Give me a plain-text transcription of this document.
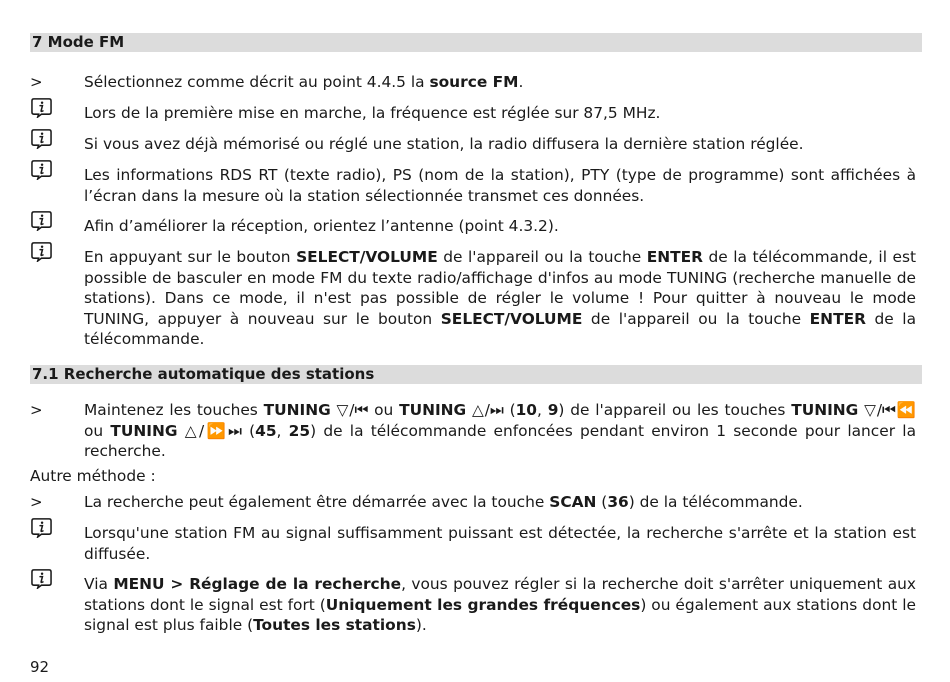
7 Mode FM
>	Sélectionnez comme décrit au point 4.4.5 la source FM.
Lors de la première mise en marche, la fréquence est réglée sur 87,5 MHz.
Si vous avez déjà mémorisé ou réglé une station, la radio diffusera la dernière station réglée.
Les informations RDS RT (texte radio), PS (nom de la station), PTY (type de programme) sont affichées à l’écran dans la mesure où la station sélectionnée transmet ces données.
Afin d’améliorer la réception, orientez l’antenne (point 4.3.2).
En appuyant sur le bouton SELECT/VOLUME de l'appareil ou la touche ENTER de la télécommande, il est possible de basculer en mode FM du texte radio/affichage d'infos au mode TUNING (recherche manuelle de stations). Dans ce mode, il n'est pas possible de régler le volume ! Pour quitter à nouveau le mode TUNING, appuyer à nouveau sur le bouton SELECT/VOLUME de l'appareil ou la touche ENTER de la télécommande.
7.1 Recherche automatique des stations
>	Maintenez les touches TUNING ▽/⏮ ou TUNING △/⏭ (10, 9) de l'appareil ou les touches TUNING ▽/⏮⏪ ou TUNING △/⏩⏭ (45, 25) de la télécommande enfoncées pendant environ 1 seconde pour lancer la recherche.
Autre méthode :
>	La recherche peut également être démarrée avec la touche SCAN (36) de la télécommande.
Lorsqu'une station FM au signal suffisamment puissant est détectée, la recherche s'arrête et la station est diffusée.
Via MENU > Réglage de la recherche, vous pouvez régler si la recherche doit s'arrêter uniquement aux stations dont le signal est fort (Uniquement les grandes fréquences) ou également aux stations dont le signal est plus faible (Toutes les stations).
92
